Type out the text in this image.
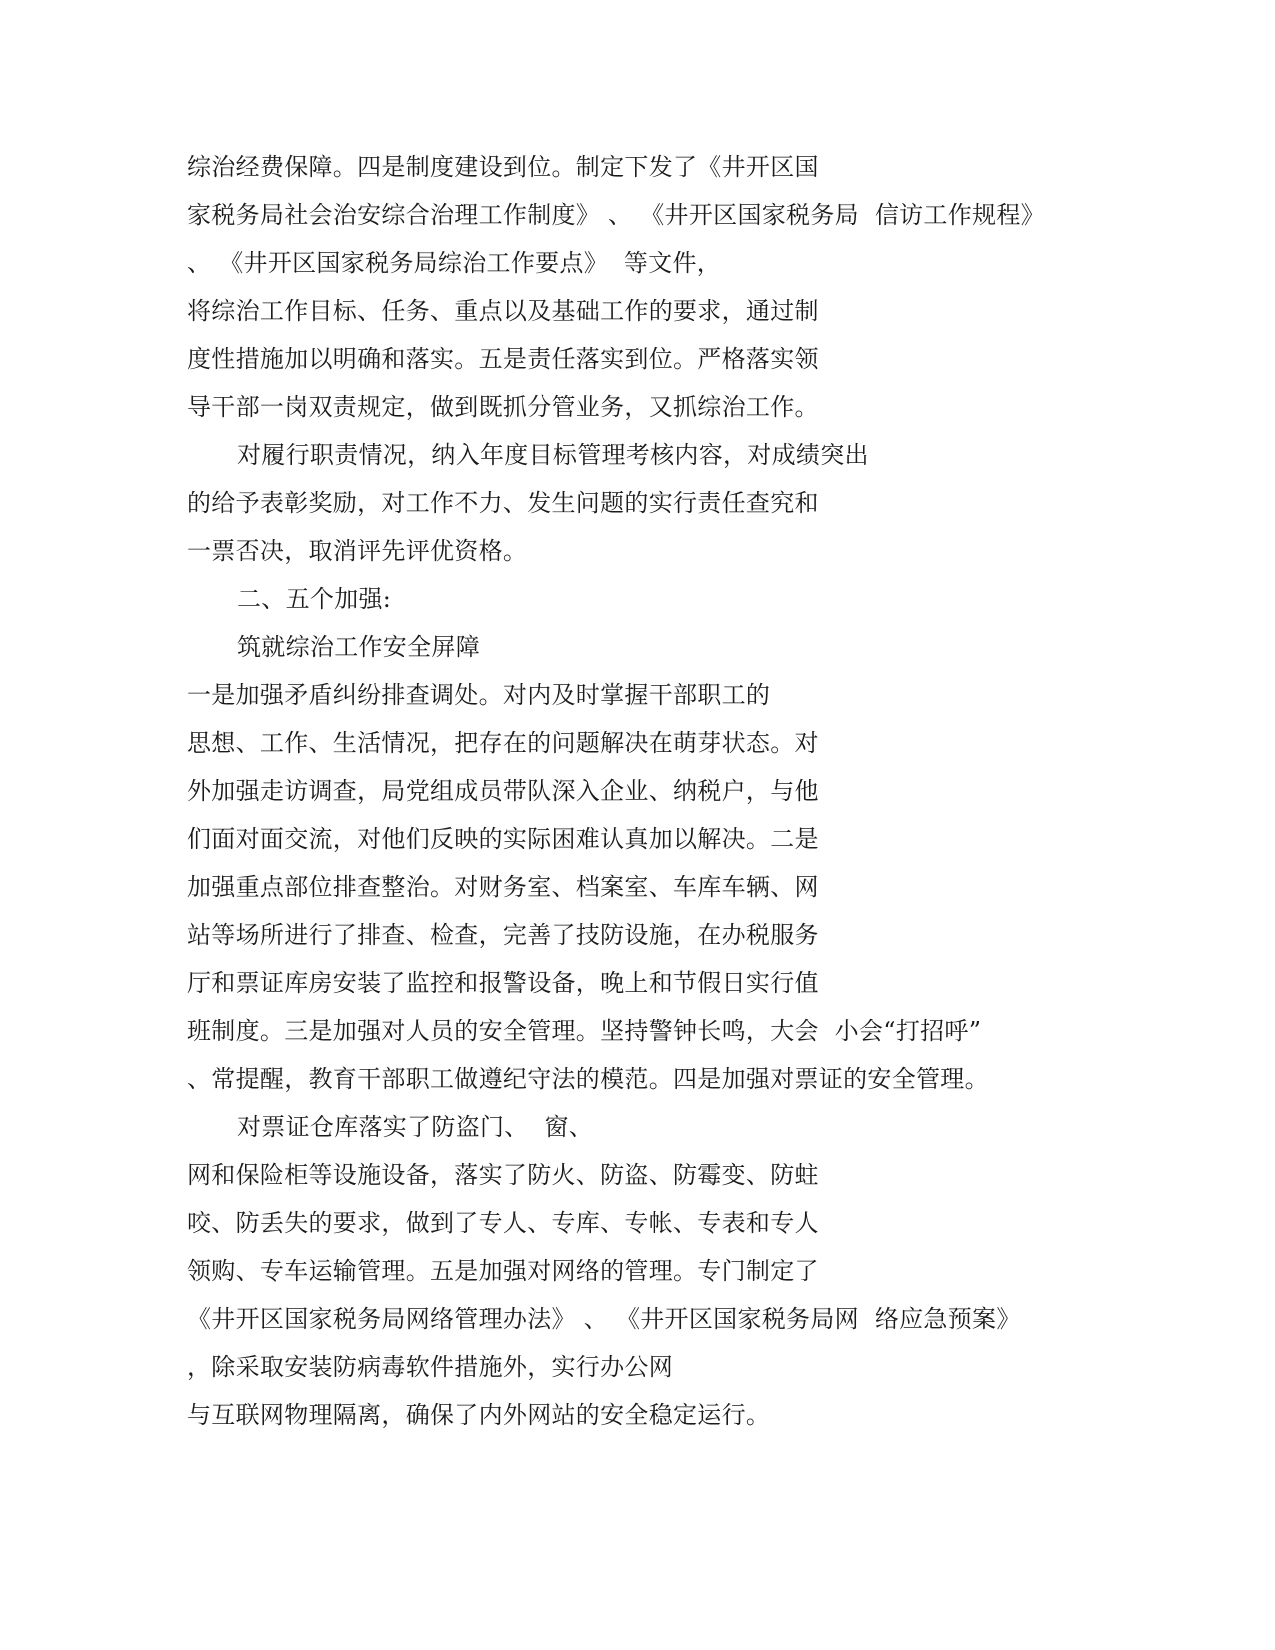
综治经费保障。四是制度建设到位。制定下发了《井开区国
家税务局社会治安综合治理工作制度》 、 《井开区国家税务局  信访工作规程》
、 《井开区国家税务局综治工作要点》  等文件，
将综治工作目标、任务、重点以及基础工作的要求，通过制
度性措施加以明确和落实。五是责任落实到位。严格落实领
导干部一岗双责规定，做到既抓分管业务，又抓综治工作。
对履行职责情况，纳入年度目标管理考核内容，对成绩突出
的给予表彰奖励，对工作不力、发生问题的实行责任查究和
一票否决，取消评先评优资格。
二、五个加强:
筑就综治工作安全屏障
一是加强矛盾纠纷排查调处。对内及时掌握干部职工的
思想、工作、生活情况，把存在的问题解决在萌芽状态。对
外加强走访调查，局党组成员带队深入企业、纳税户，与他
们面对面交流，对他们反映的实际困难认真加以解决。二是
加强重点部位排查整治。对财务室、档案室、车库车辆、网
站等场所进行了排查、检查，完善了技防设施，在办税服务
厅和票证库房安装了监控和报警设备，晚上和节假日实行值
班制度。三是加强对人员的安全管理。坚持警钟长鸣，大会  小会“打招呼”
、常提醒，教育干部职工做遵纪守法的模范。四是加强对票证的安全管理。
对票证仓库落实了防盗门、  窗、
网和保险柜等设施设备，落实了防火、防盗、防霉变、防蛀
咬、防丢失的要求，做到了专人、专库、专帐、专表和专人
领购、专车运输管理。五是加强对网络的管理。专门制定了
《井开区国家税务局网络管理办法》 、 《井开区国家税务局网  络应急预案》
，除采取安装防病毒软件措施外，实行办公网
与互联网物理隔离，确保了内外网站的安全稳定运行。
